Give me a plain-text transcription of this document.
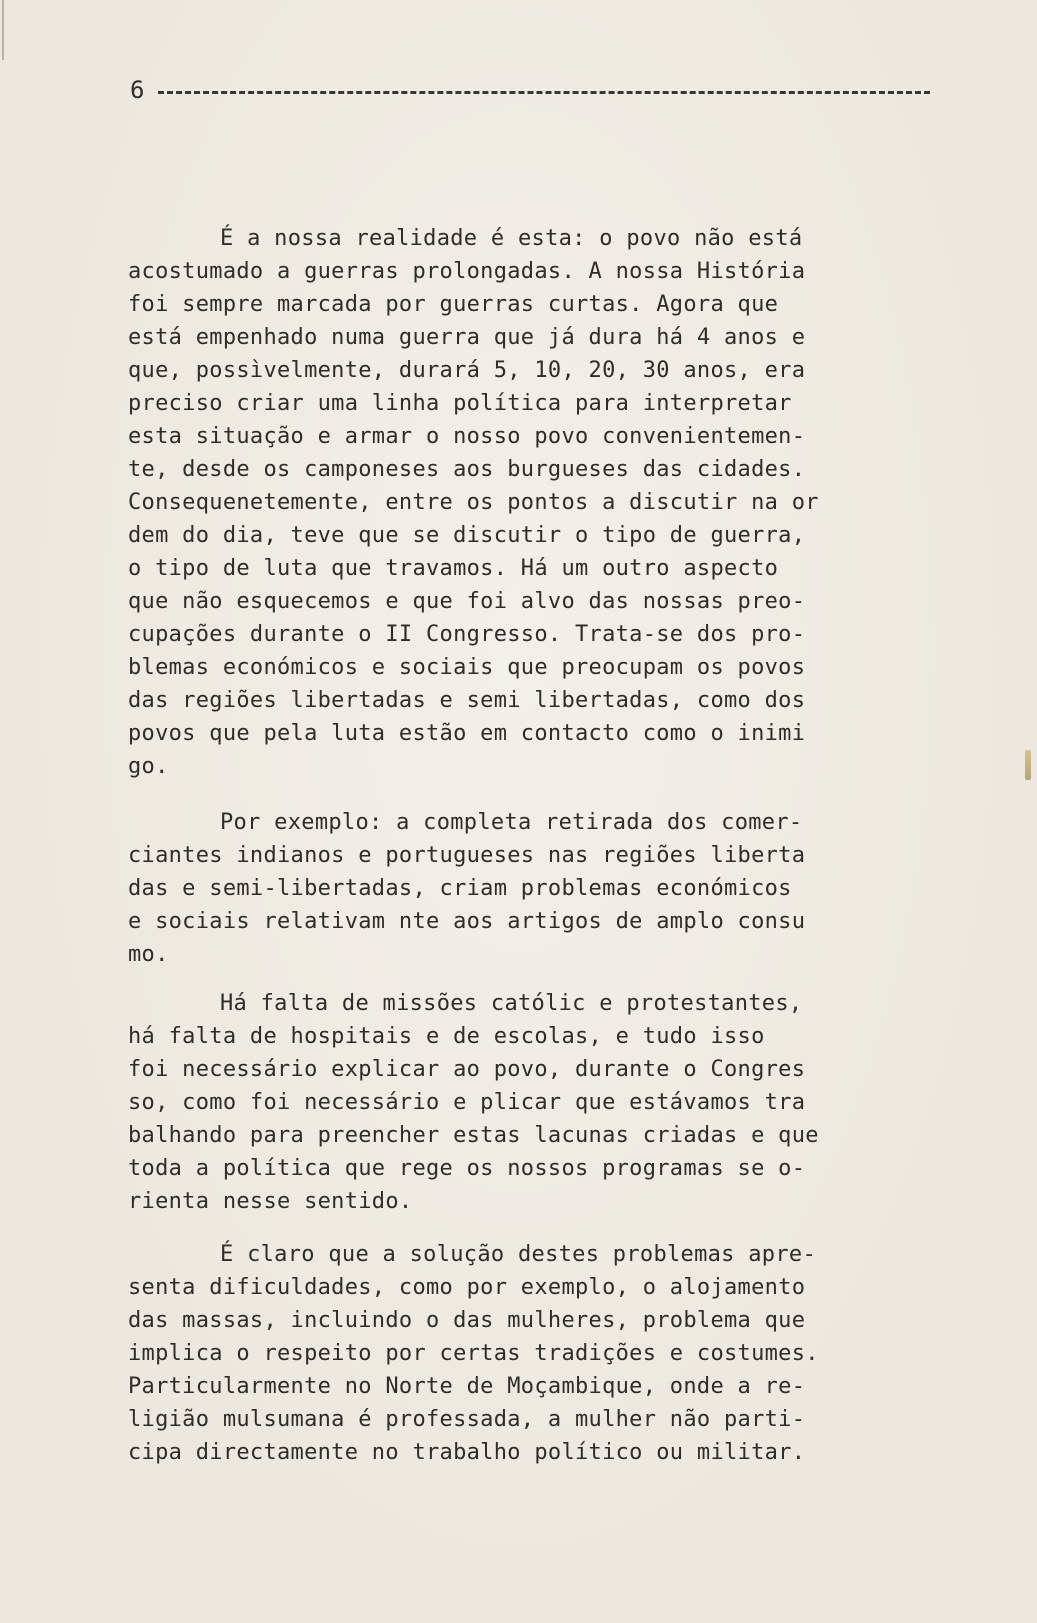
6
É a nossa realidade é esta: o povo não está
acostumado a guerras prolongadas. A nossa História
foi sempre marcada por guerras curtas. Agora que
está empenhado numa guerra que já dura há 4 anos e
que, possìvelmente, durará 5, 10, 20, 30 anos, era
preciso criar uma linha política para interpretar
esta situação e armar o nosso povo convenientemen-
te, desde os camponeses aos burgueses das cidades.
Consequenetemente, entre os pontos a discutir na or
dem do dia, teve que se discutir o tipo de guerra,
o tipo de luta que travamos. Há um outro aspecto
que não esquecemos e que foi alvo das nossas preo-
cupações durante o II Congresso. Trata-se dos pro-
blemas económicos e sociais que preocupam os povos
das regiões libertadas e semi libertadas, como dos
povos que pela luta estão em contacto como o inimi
go.
Por exemplo: a completa retirada dos comer-
ciantes indianos e portugueses nas regiões liberta
das e semi-libertadas, criam problemas económicos
e sociais relativam nte aos artigos de amplo consu
mo.
Há falta de missões católic e protestantes,
há falta de hospitais e de escolas, e tudo isso
foi necessário explicar ao povo, durante o Congres
so, como foi necessário e plicar que estávamos tra
balhando para preencher estas lacunas criadas e que
toda a política que rege os nossos programas se o-
rienta nesse sentido.
É claro que a solução destes problemas apre-
senta dificuldades, como por exemplo, o alojamento
das massas, incluindo o das mulheres, problema que
implica o respeito por certas tradições e costumes.
Particularmente no Norte de Moçambique, onde a re-
ligião mulsumana é professada, a mulher não parti-
cipa directamente no trabalho político ou militar.
